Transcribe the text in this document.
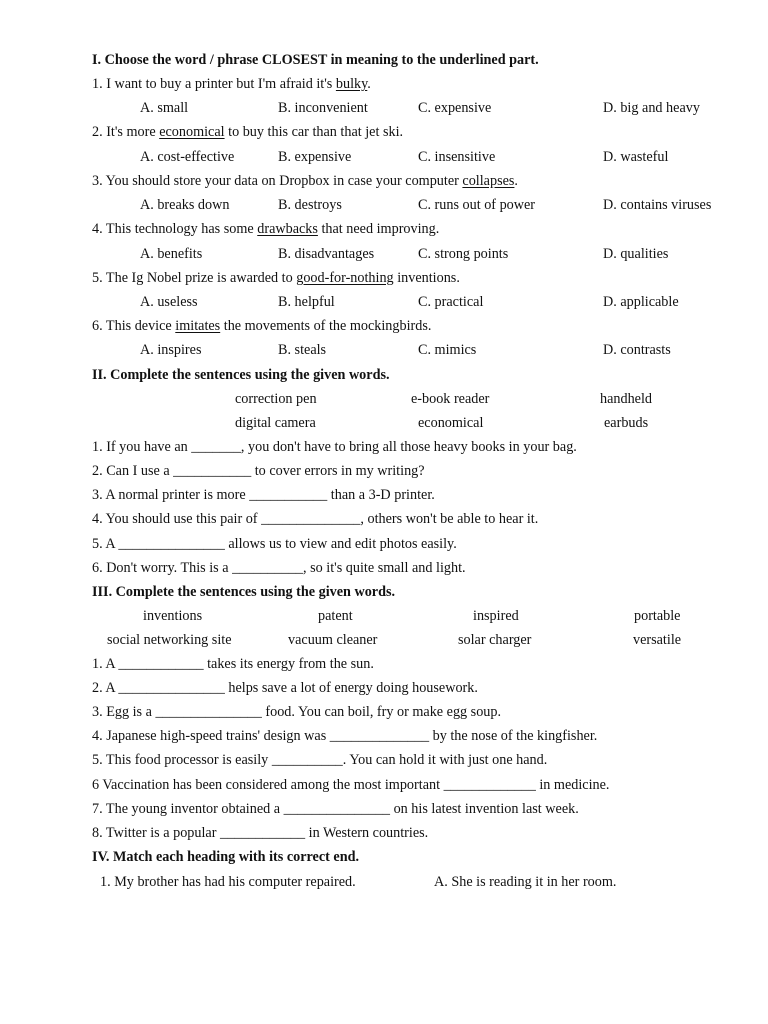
I. Choose the word / phrase CLOSEST in meaning to the underlined part.
1. I want to buy a printer but I'm afraid it's bulky.
A. small	B. inconvenient	C. expensive	D. big and heavy
2. It's more economical to buy this car than that jet ski.
A. cost-effective	B. expensive	C. insensitive	D. wasteful
3. You should store your data on Dropbox in case your computer collapses.
A. breaks down	B. destroys	C. runs out of power	D. contains viruses
4. This technology has some drawbacks that need improving.
A. benefits	B. disadvantages	C. strong points	D. qualities
5. The Ig Nobel prize is awarded to good-for-nothing inventions.
A. useless	B. helpful	C. practical	D. applicable
6. This device imitates the movements of the mockingbirds.
A. inspires	B. steals	C. mimics	D. contrasts
II. Complete the sentences using the given words.
correction pen	e-book reader	handheld
digital camera	economical	earbuds
1. If you have an _______, you don't have to bring all those heavy books in your bag.
2. Can I use a ___________ to cover errors in my writing?
3. A normal printer is more ___________ than a 3-D printer.
4. You should use this pair of ______________, others won't be able to hear it.
5. A _______________ allows us to view and edit photos easily.
6. Don't worry. This is a __________, so it's quite small and light.
III. Complete the sentences using the given words.
inventions	patent	inspired	portable
social networking site	vacuum cleaner	solar charger	versatile
1. A ____________ takes its energy from the sun.
2. A _______________ helps save a lot of energy doing housework.
3. Egg is a _______________ food. You can boil, fry or make egg soup.
4. Japanese high-speed trains' design was ______________ by the nose of the kingfisher.
5. This food processor is easily __________. You can hold it with just one hand.
6 Vaccination has been considered among the most important _____________ in medicine.
7. The young inventor obtained a _______________ on his latest invention last week.
8. Twitter is a popular ____________ in Western countries.
IV. Match each heading with its correct end.
1. My brother has had his computer repaired.	A. She is reading it in her room.
